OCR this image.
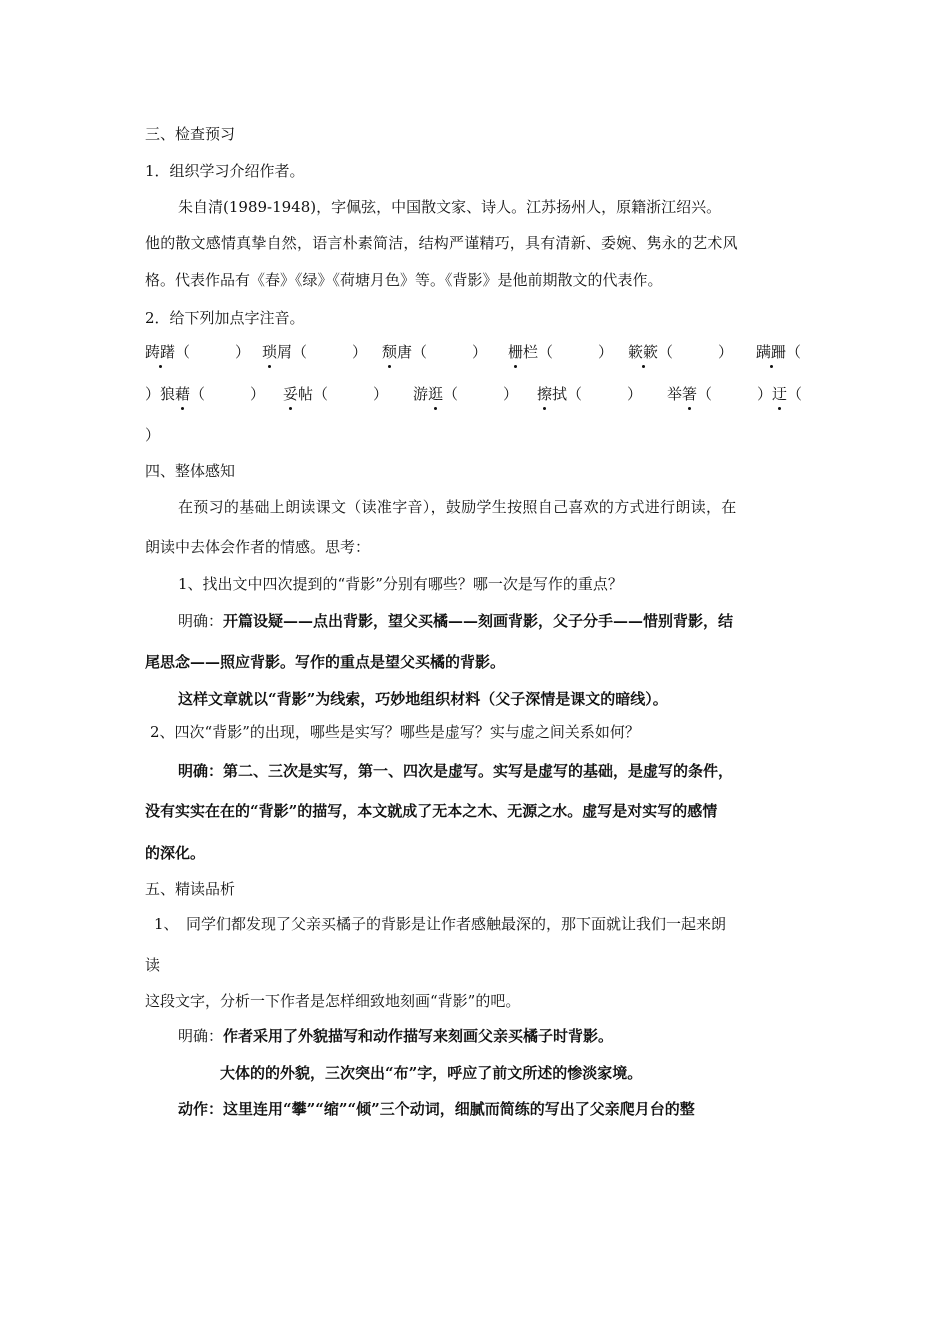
三、检查预习
1．组织学习介绍作者。
朱自清(1989-1948)，字佩弦，中国散文家、诗人。江苏扬州人，原籍浙江绍兴。
他的散文感情真挚自然，语言朴素简洁，结构严谨精巧，具有清新、委婉、隽永的艺术风
格。代表作品有《春》《绿》《荷塘月色》等。《背影》是他前期散文的代表作。
2．给下列加点字注音。
踌躇（　　　） 琐屑（　　　） 颓唐（　　　） 栅栏（　　　） 簌簌（　　　） 蹒跚（
）狼藉（　　　） 妥帖（　　　） 游逛（　　　） 擦拭（　　　） 举箸（　　　） 迂（
）
四、整体感知
在预习的基础上朗读课文（读准字音），鼓励学生按照自己喜欢的方式进行朗读，在
朗读中去体会作者的情感。思考：
1、找出文中四次提到的“背影”分别有哪些？哪一次是写作的重点？
明确：开篇设疑——点出背影，望父买橘——刻画背影，父子分手——惜别背影，结
尾思念——照应背影。写作的重点是望父买橘的背影。
这样文章就以“背影”为线索，巧妙地组织材料（父子深情是课文的暗线）。
2、四次“背影”的出现，哪些是实写？哪些是虚写？实与虚之间关系如何？
明确：第二、三次是实写，第一、四次是虚写。实写是虚写的基础，是虚写的条件，
没有实实在在的“背影”的描写，本文就成了无本之木、无源之水。虚写是对实写的感情
的深化。
五、精读品析
1、　同学们都发现了父亲买橘子的背影是让作者感触最深的，那下面就让我们一起来朗
读
这段文字，分析一下作者是怎样细致地刻画“背影”的吧。
明确：作者采用了外貌描写和动作描写来刻画父亲买橘子时背影。
大体的的外貌，三次突出“布”字，呼应了前文所述的惨淡家境。
动作：这里连用“攀”“缩”“倾”三个动词，细腻而简练的写出了父亲爬月台的整
